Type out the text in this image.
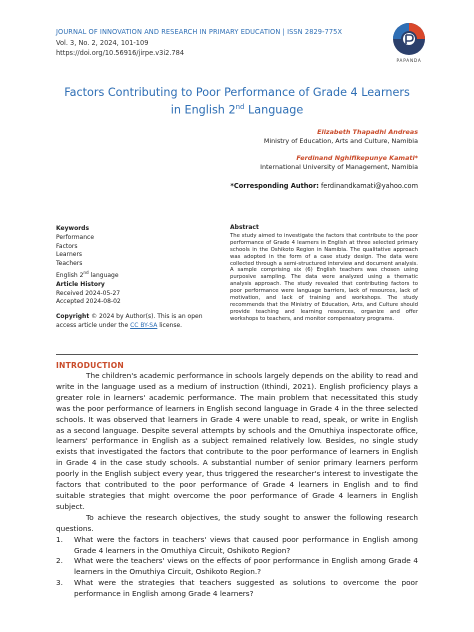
JOURNAL OF INNOVATION AND RESEARCH IN PRIMARY EDUCATION | ISSN 2829-775X
Vol. 3, No. 2, 2024, 101-109
https://doi.org/10.56916/jirpe.v3i2.784
PAPANDA
Factors Contributing to Poor Performance of Grade 4 Learners
in English 2nd Language
Elizabeth Thapadhi Andreas
Ministry of Education, Arts and Culture, Namibia
Ferdinand Nghifikepunye Kamati*
International University of Management, Namibia
*Corresponding Author: ferdinandkamati@yahoo.com
Keywords
Performance
Factors
Learners
Teachers
English 2nd language
Article History
Received 2024-05-27
Accepted 2024-08-02
Copyright © 2024 by Author(s). This is an open access article under the CC BY-SA license.
Abstract
The study aimed to investigate the factors that contribute to the poor performance of Grade 4 learners in English at three selected primary schools in the Oshikoto Region in Namibia. The qualitative approach was adopted in the form of a case study design. The data were collected through a semi-structured interview and document analysis. A sample comprising six (6) English teachers was chosen using purposive sampling. The data were analyzed using a thematic analysis approach. The study revealed that contributing factors to poor performance were language barriers, lack of resources, lack of motivation, and lack of training and workshops. The study recommends that the Ministry of Education, Arts, and Culture should provide teaching and learning resources, organize and offer workshops to teachers, and monitor compensatory programs.
INTRODUCTION

The children's academic performance in schools largely depends on the ability to read and write in the language used as a medium of instruction (Ithindi, 2021). English proficiency plays a greater role in learners' academic performance. The main problem that necessitated this study was the poor performance of learners in English second language in Grade 4 in the three selected schools. It was observed that learners in Grade 4 were unable to read, speak, or write in English as a second language. Despite several attempts by schools and the Omuthiya inspectorate office, learners' performance in English as a subject remained relatively low. Besides, no single study exists that investigated the factors that contribute to the poor performance of learners in English in Grade 4 in the case study schools. A substantial number of senior primary learners perform poorly in the English subject every year, thus triggered the researcher's interest to investigate the factors that contributed to the poor performance of Grade 4 learners in English and to find suitable strategies that might overcome the poor performance of Grade 4 learners in English subject.

To achieve the research objectives, the study sought to answer the following research questions.

1. What were the factors in teachers' views that caused poor performance in English among Grade 4 learners in the Omuthiya Circuit, Oshikoto Region?
2. What were the teachers' views on the effects of poor performance in English among Grade 4 learners in the Omuthiya Circuit, Oshikoto Region.?
3. What were the strategies that teachers suggested as solutions to overcome the poor performance in English among Grade 4 learners?
